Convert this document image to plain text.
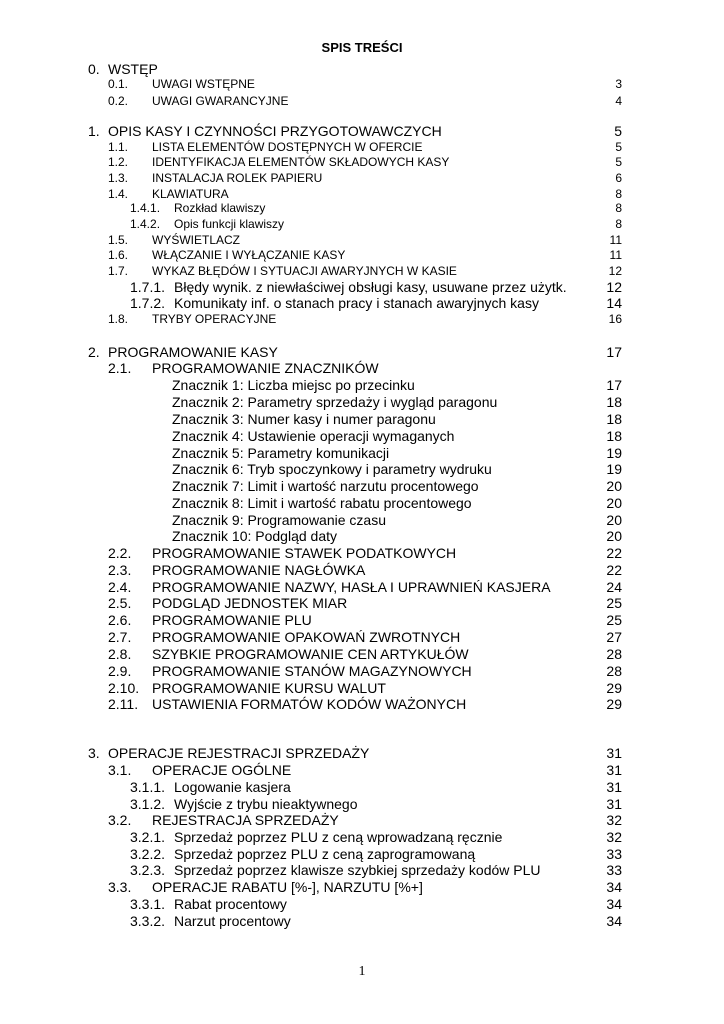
SPIS TREŚCI
0. WSTĘP
0.1. UWAGI WSTĘPNE	3
0.2. UWAGI GWARANCYJNE	4
1. OPIS KASY I CZYNNOŚCI PRZYGOTOWAWCZYCH	5
1.1. LISTA ELEMENTÓW DOSTĘPNYCH W OFERCIE	5
1.2. IDENTYFIKACJA ELEMENTÓW SKŁADOWYCH KASY	5
1.3. INSTALACJA ROLEK PAPIERU	6
1.4. KLAWIATURA	8
1.4.1. Rozkład klawiszy	8
1.4.2. Opis funkcji klawiszy	8
1.5. WYŚWIETLACZ	11
1.6. WŁĄCZANIE I WYŁĄCZANIE KASY	11
1.7. WYKAZ BŁĘDÓW I SYTUACJI AWARYJNYCH W KASIE	12
1.7.1. Błędy wynik. z niewłaściwej obsługi kasy, usuwane przez użytk.	12
1.7.2. Komunikaty inf. o stanach pracy i stanach awaryjnych kasy	14
1.8. TRYBY OPERACYJNE	16
2. PROGRAMOWANIE KASY	17
2.1. PROGRAMOWANIE ZNACZNIKÓW
Znacznik 1: Liczba miejsc po przecinku	17
Znacznik 2: Parametry sprzedaży i wygląd paragonu	18
Znacznik 3: Numer kasy i numer paragonu	18
Znacznik 4: Ustawienie operacji wymaganych	18
Znacznik 5: Parametry komunikacji	19
Znacznik 6: Tryb spoczynkowy i parametry wydruku	19
Znacznik 7: Limit i wartość narzutu procentowego	20
Znacznik 8: Limit i wartość rabatu procentowego	20
Znacznik 9: Programowanie czasu	20
Znacznik 10: Podgląd daty	20
2.2. PROGRAMOWANIE STAWEK PODATKOWYCH	22
2.3. PROGRAMOWANIE NAGŁÓWKA	22
2.4. PROGRAMOWANIE NAZWY, HASŁA I UPRAWNIEŃ KASJERA	24
2.5. PODGLĄD JEDNOSTEK MIAR	25
2.6. PROGRAMOWANIE PLU	25
2.7. PROGRAMOWANIE OPAKOWAŃ ZWROTNYCH	27
2.8. SZYBKIE PROGRAMOWANIE CEN ARTYKUŁÓW	28
2.9. PROGRAMOWANIE STANÓW MAGAZYNOWYCH	28
2.10. PROGRAMOWANIE KURSU WALUT	29
2.11. USTAWIENIA FORMATÓW KODÓW WAŻONYCH	29
3. OPERACJE REJESTRACJI SPRZEDAŻY	31
3.1. OPERACJE OGÓLNE	31
3.1.1. Logowanie kasjera	31
3.1.2. Wyjście z trybu nieaktywnego	31
3.2. REJESTRACJA SPRZEDAŻY	32
3.2.1. Sprzedaż poprzez PLU z ceną wprowadzaną ręcznie	32
3.2.2. Sprzedaż poprzez PLU z ceną zaprogramowaną	33
3.2.3. Sprzedaż poprzez klawisze szybkiej sprzedaży kodów PLU	33
3.3. OPERACJE RABATU [%-], NARZUTU [%+]	34
3.3.1. Rabat procentowy	34
3.3.2. Narzut procentowy	34
1
